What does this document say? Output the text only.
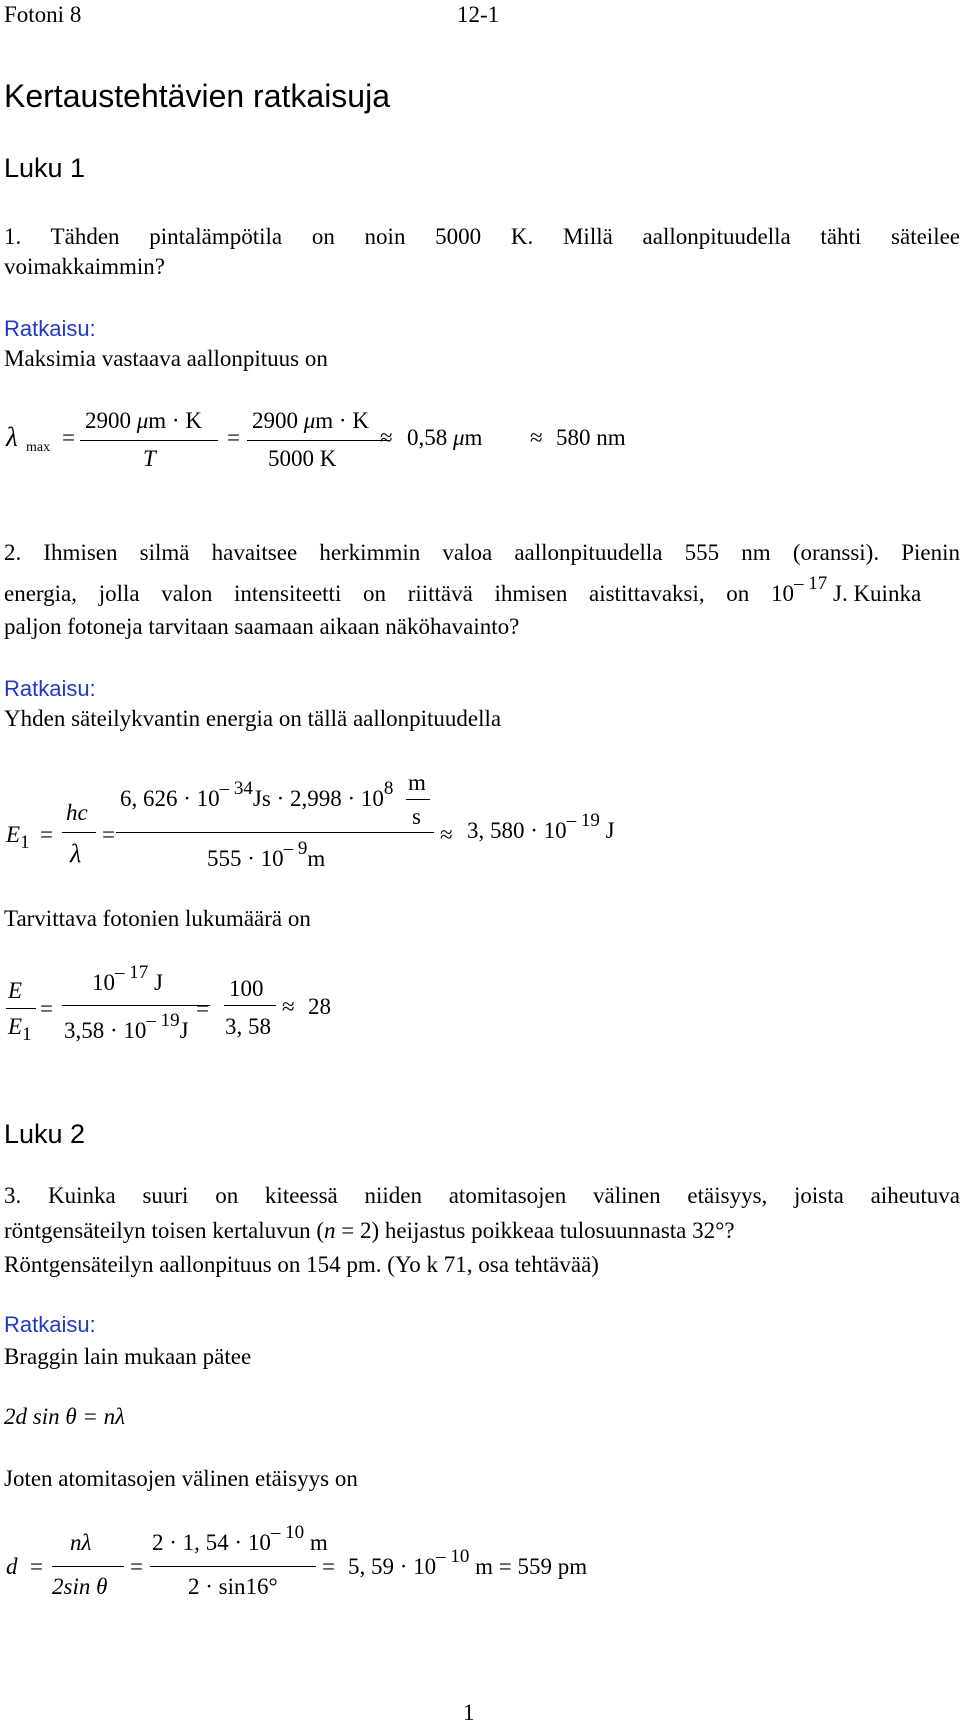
Fotoni 8	12-1
Kertaustehtävien ratkaisuja
Luku 1
1. Tähden pintalämpötila on noin 5000 K. Millä aallonpituudella tähti säteilee
voimakkaimmin?
Ratkaisu:
Maksimia vastaava aallonpituus on
λ max =
2900 μm · K
T
=
2900 μm · K
5000 K
≈ 0,58 μm ≈ 580 nm
2. Ihmisen silmä havaitsee herkimmin valoa aallonpituudella 555 nm (oranssi). Pienin
energia, jolla valon intensiteetti on riittävä ihmisen aistittavaksi, on $10^{- 17}$ J. Kuinka
paljon fotoneja tarvitaan saamaan aikaan näköhavainto?
Ratkaisu:
Yhden säteilykvantin energia on tällä aallonpituudella
$E_1$ =
hc
λ
=
6, $626 \cdot 10^{- 34}Js \cdot 2,998 \cdot 10^8$ m
s
$555 \cdot 10^{- 9}m$
≈ 3, $580 \cdot 10^{- 19}$ J
Tarvittava fotonien lukumäärä on
E
$E_1$
=
$10^{- 17}$ J
$3,58 \cdot 10^{- 19}J$
=
100
3, 58
≈ 28
Luku 2
3. Kuinka suuri on kiteessä niiden atomitasojen välinen etäisyys, joista aiheutuva
röntgensäteilyn toisen kertaluvun (n = 2) heijastus poikkeaa tulosuunnasta 32°?
Röntgensäteilyn aallonpituus on 154 pm. (Yo k 71, osa tehtävää)
Ratkaisu:
Braggin lain mukaan pätee
2d sin θ = nλ
Joten atomitasojen välinen etäisyys on
d =
nλ
2sin θ
=
2 · 1, $54 \cdot 10^{- 10}$ m
2 · sin16°
= 5, $59 \cdot 10^{- 10}$ m = 559 pm
1
